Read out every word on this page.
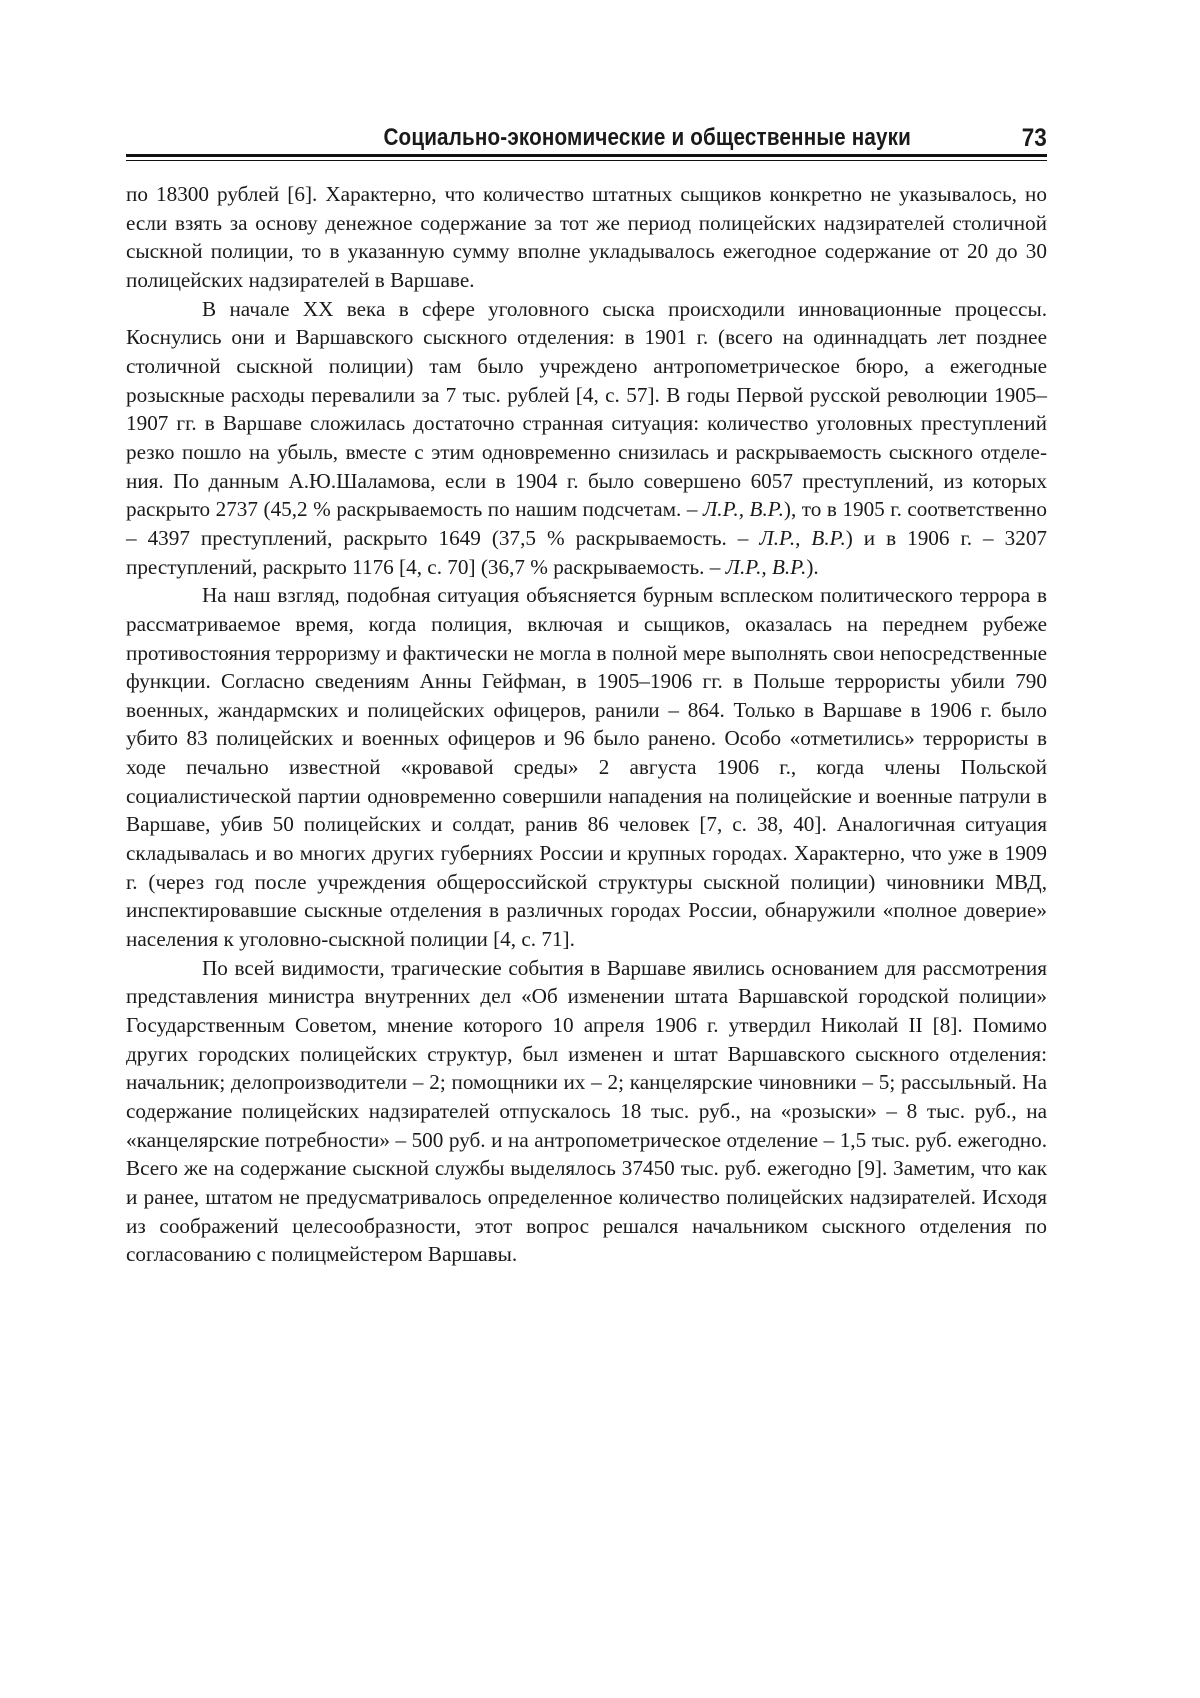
Социально-экономические и общественные науки	73

по 18300 рублей [6]. Характерно, что количество штатных сыщиков конкретно не указывалось, но если взять за основу денежное содержание за тот же период полицейских надзирателей столичной сыскной полиции, то в указанную сумму вполне укладывалось ежегодное содержание от 20 до 30 полицейских надзирателей в Варшаве.

В начале XX века в сфере уголовного сыска происходили инновационные процессы. Коснулись они и Варшавского сыскного отделения: в 1901 г. (всего на одиннадцать лет позднее столичной сыскной полиции) там было учреждено антропометрическое бюро, а ежегодные розыскные расходы перевалили за 7 тыс. рублей [4, с. 57]. В годы Первой русской революции 1905–1907 гг. в Варшаве сложилась достаточно странная ситуация: количество уголовных преступлений резко пошло на убыль, вместе с этим одновременно снизилась и раскрываемость сыскного отделения. По данным А.Ю.Шаламова, если в 1904 г. было совершено 6057 преступлений, из которых раскрыто 2737 (45,2 % раскрываемость по нашим подсчетам. – Л.Р., В.Р.), то в 1905 г. соответственно – 4397 преступлений, раскрыто 1649 (37,5 % раскрываемость. – Л.Р., В.Р.) и в 1906 г. – 3207 преступлений, раскрыто 1176 [4, с. 70] (36,7 % раскрываемость. – Л.Р., В.Р.).

На наш взгляд, подобная ситуация объясняется бурным всплеском политического террора в рассматриваемое время, когда полиция, включая и сыщиков, оказалась на переднем рубеже противостояния терроризму и фактически не могла в полной мере выполнять свои непосредственные функции. Согласно сведениям Анны Гейфман, в 1905–1906 гг. в Польше террористы убили 790 военных, жандармских и полицейских офицеров, ранили – 864. Только в Варшаве в 1906 г. было убито 83 полицейских и военных офицеров и 96 было ранено. Особо «отметились» террористы в ходе печально известной «кровавой среды» 2 августа 1906 г., когда члены Польской социалистической партии одновременно совершили нападения на полицейские и военные патрули в Варшаве, убив 50 полицейских и солдат, ранив 86 человек [7, с. 38, 40]. Аналогичная ситуация складывалась и во многих других губерниях России и крупных городах. Характерно, что уже в 1909 г. (через год после учреждения общероссийской структуры сыскной полиции) чиновники МВД, инспектировавшие сыскные отделения в различных городах России, обнаружили «полное доверие» населения к уголовно-сыскной полиции [4, с. 71].

По всей видимости, трагические события в Варшаве явились основанием для рассмотрения представления министра внутренних дел «Об изменении штата Варшавской городской полиции» Государственным Советом, мнение которого 10 апреля 1906 г. утвердил Николай II [8]. Помимо других городских полицейских структур, был изменен и штат Варшавского сыскного отделения: начальник; делопроизводители – 2; помощники их – 2; канцелярские чиновники – 5; рассыльный. На содержание полицейских надзирателей отпускалось 18 тыс. руб., на «розыски» – 8 тыс. руб., на «канцелярские потребности» – 500 руб. и на антропометрическое отделение – 1,5 тыс. руб. ежегодно. Всего же на содержание сыскной службы выделялось 37450 тыс. руб. ежегодно [9]. Заметим, что как и ранее, штатом не предусматривалось определенное количество полицейских надзирателей. Исходя из соображений целесообразности, этот вопрос решался начальником сыскного отделения по согласованию с полицмейстером Варшавы.
